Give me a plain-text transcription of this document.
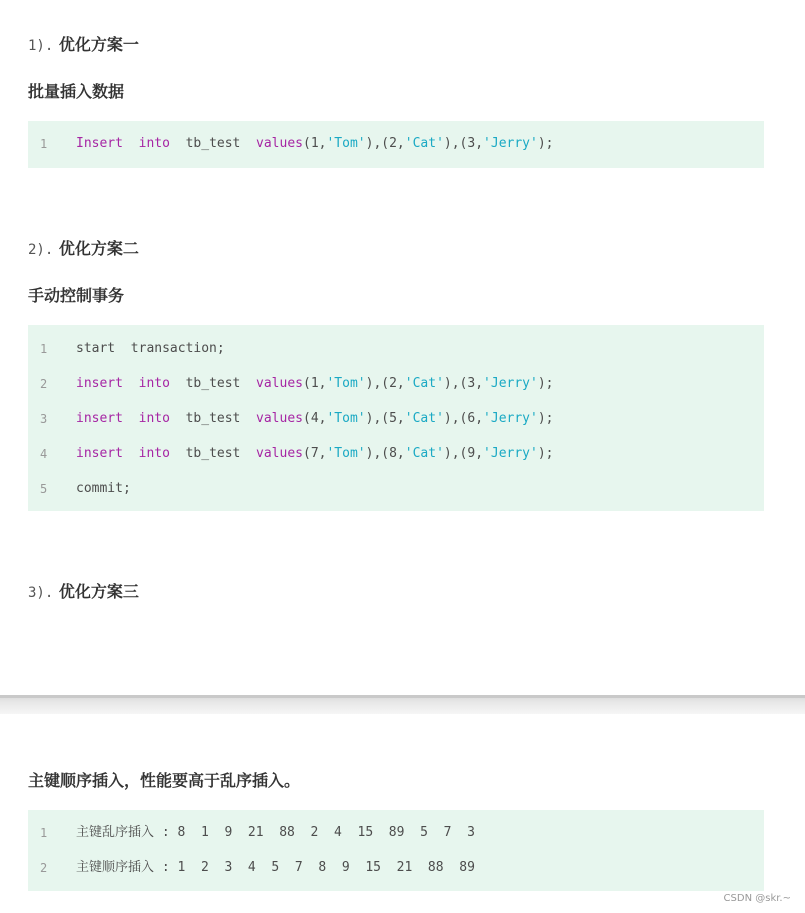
1). 优化方案一
批量插入数据
1	Insert into  tb_test  values(1,'Tom'),(2,'Cat'),(3,'Jerry');
2). 优化方案二
手动控制事务
1	start  transaction;
2	insert into  tb_test  values(1,'Tom'),(2,'Cat'),(3,'Jerry');
3	insert into  tb_test  values(4,'Tom'),(5,'Cat'),(6,'Jerry');
4	insert into  tb_test  values(7,'Tom'),(8,'Cat'),(9,'Jerry');
5	commit;
3). 优化方案三
主键顺序插入，性能要高于乱序插入。
1	主键乱序插入 : 8  1  9  21  88  2  4  15  89  5  7  3
2	主键顺序插入 : 1  2  3  4  5  7  8  9  15  21  88  89
CSDN @skr.~
